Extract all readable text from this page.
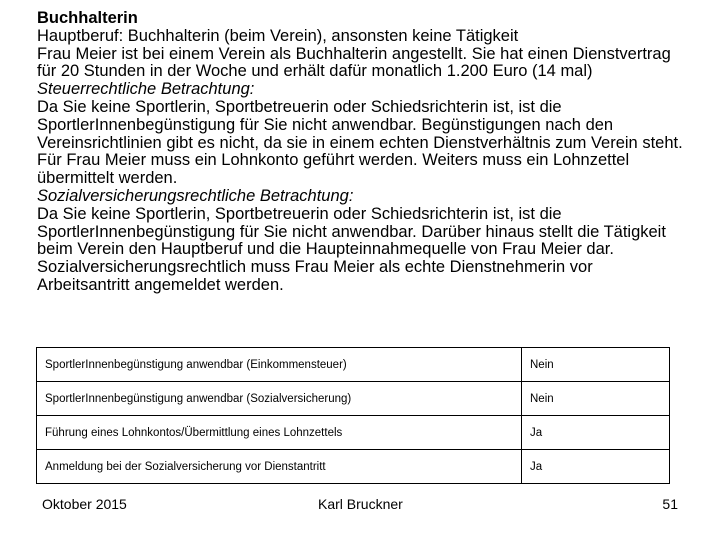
Buchhalterin

Hauptberuf: Buchhalterin (beim Verein), ansonsten keine Tätigkeit

Frau Meier ist bei einem Verein als Buchhalterin angestellt. Sie hat einen Dienstvertrag für 20 Stunden in der Woche und erhält dafür monatlich 1.200 Euro (14 mal)

Steuerrechtliche Betrachtung:

Da Sie keine Sportlerin, Sportbetreuerin oder Schiedsrichterin ist, ist die SportlerInnenbegünstigung für Sie nicht anwendbar. Begünstigungen nach den Vereinsrichtlinien gibt es nicht, da sie in einem echten Dienstverhältnis zum Verein steht. Für Frau Meier muss ein Lohnkonto geführt werden. Weiters muss ein Lohnzettel übermittelt werden.

Sozialversicherungsrechtliche Betrachtung:

Da Sie keine Sportlerin, Sportbetreuerin oder Schiedsrichterin ist, ist die SportlerInnenbegünstigung für Sie nicht anwendbar. Darüber hinaus stellt die Tätigkeit beim Verein den Hauptberuf und die Haupteinnahmequelle von Frau Meier dar. Sozialversicherungsrechtlich muss Frau Meier als echte Dienstnehmerin vor Arbeitsantritt angemeldet werden.

SportlerInnenbegünstigung anwendbar (Einkommensteuer)	Nein
SportlerInnenbegünstigung anwendbar (Sozialversicherung)	Nein
Führung eines Lohnkontos/Übermittlung eines Lohnzettels	Ja
Anmeldung bei der Sozialversicherung vor Dienstantritt	Ja
Oktober 2015	Karl Bruckner	51
